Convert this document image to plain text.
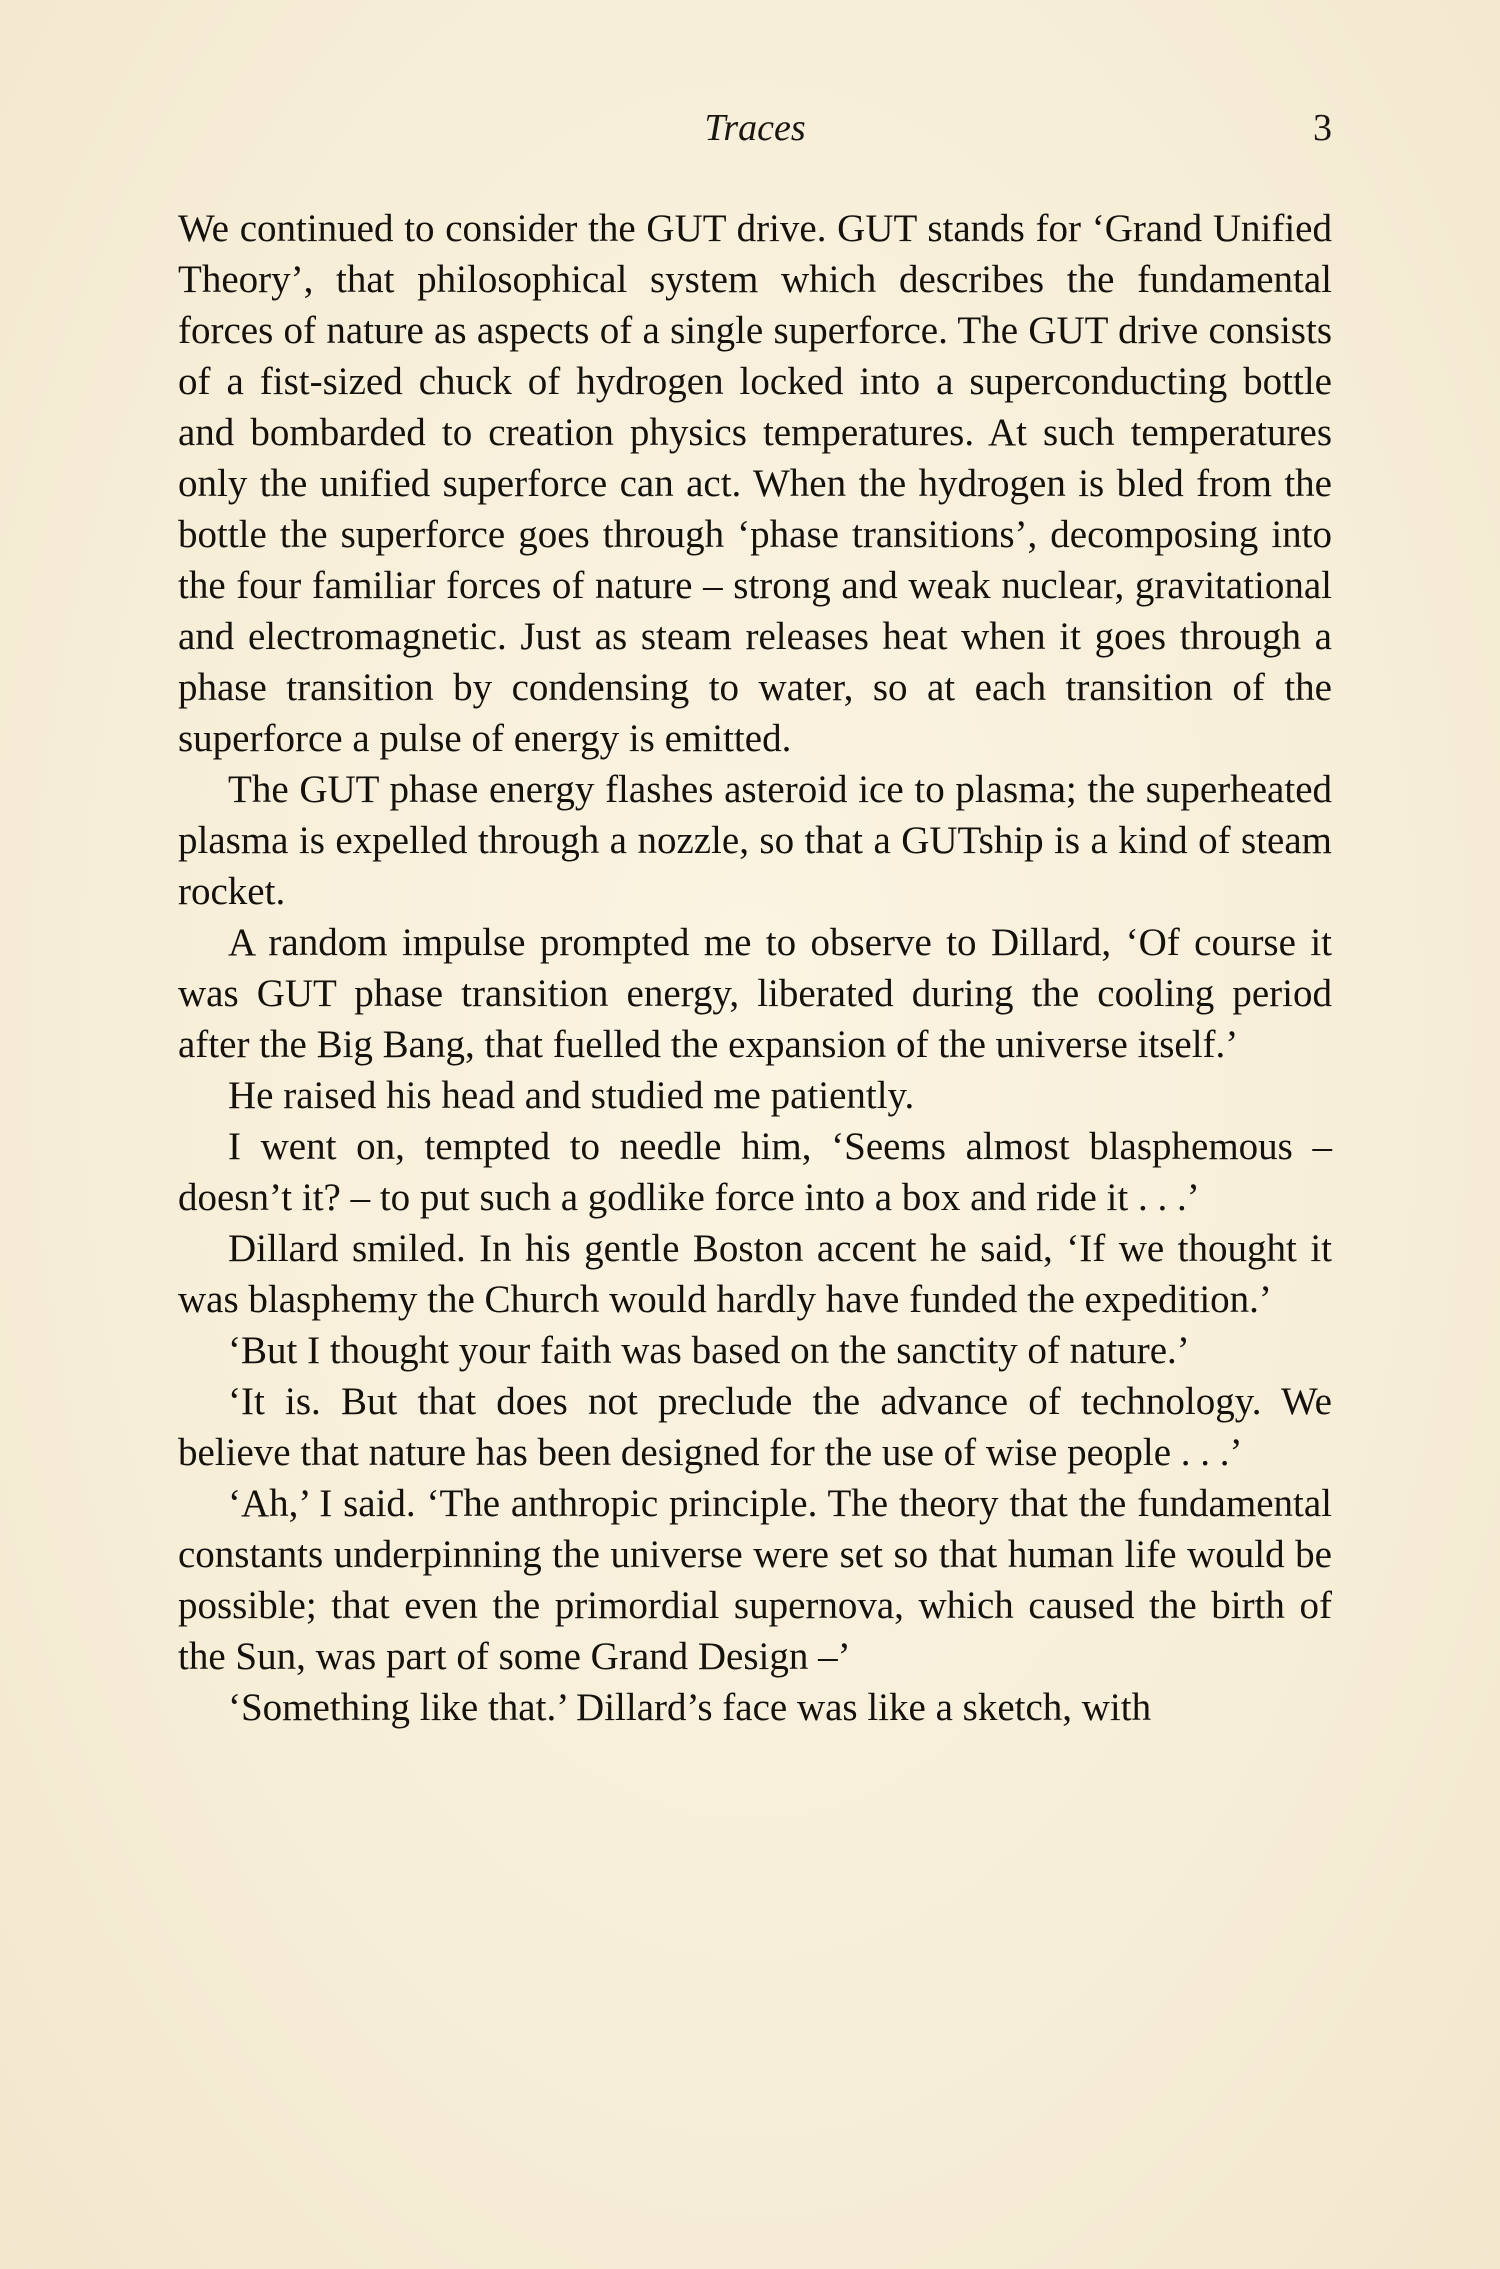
Traces	3

We continued to consider the GUT drive. GUT stands for ‘Grand Unified Theory’, that philosophical system which describes the fundamental forces of nature as aspects of a single superforce. The GUT drive consists of a fist-sized chuck of hydrogen locked into a superconducting bottle and bombarded to creation physics temperatures. At such temperatures only the unified superforce can act. When the hydrogen is bled from the bottle the superforce goes through ‘phase transitions’, decomposing into the four familiar forces of nature – strong and weak nuclear, gravitational and electromagnetic. Just as steam releases heat when it goes through a phase transition by condensing to water, so at each transition of the superforce a pulse of energy is emitted.

The GUT phase energy flashes asteroid ice to plasma; the superheated plasma is expelled through a nozzle, so that a GUTship is a kind of steam rocket.

A random impulse prompted me to observe to Dillard, ‘Of course it was GUT phase transition energy, liberated during the cooling period after the Big Bang, that fuelled the expansion of the universe itself.’

He raised his head and studied me patiently.

I went on, tempted to needle him, ‘Seems almost blasphemous – doesn’t it? – to put such a godlike force into a box and ride it . . .’

Dillard smiled. In his gentle Boston accent he said, ‘If we thought it was blasphemy the Church would hardly have funded the expedition.’

‘But I thought your faith was based on the sanctity of nature.’

‘It is. But that does not preclude the advance of technology. We believe that nature has been designed for the use of wise people . . .’

‘Ah,’ I said. ‘The anthropic principle. The theory that the fundamental constants underpinning the universe were set so that human life would be possible; that even the primordial supernova, which caused the birth of the Sun, was part of some Grand Design –’

‘Something like that.’ Dillard’s face was like a sketch, with
